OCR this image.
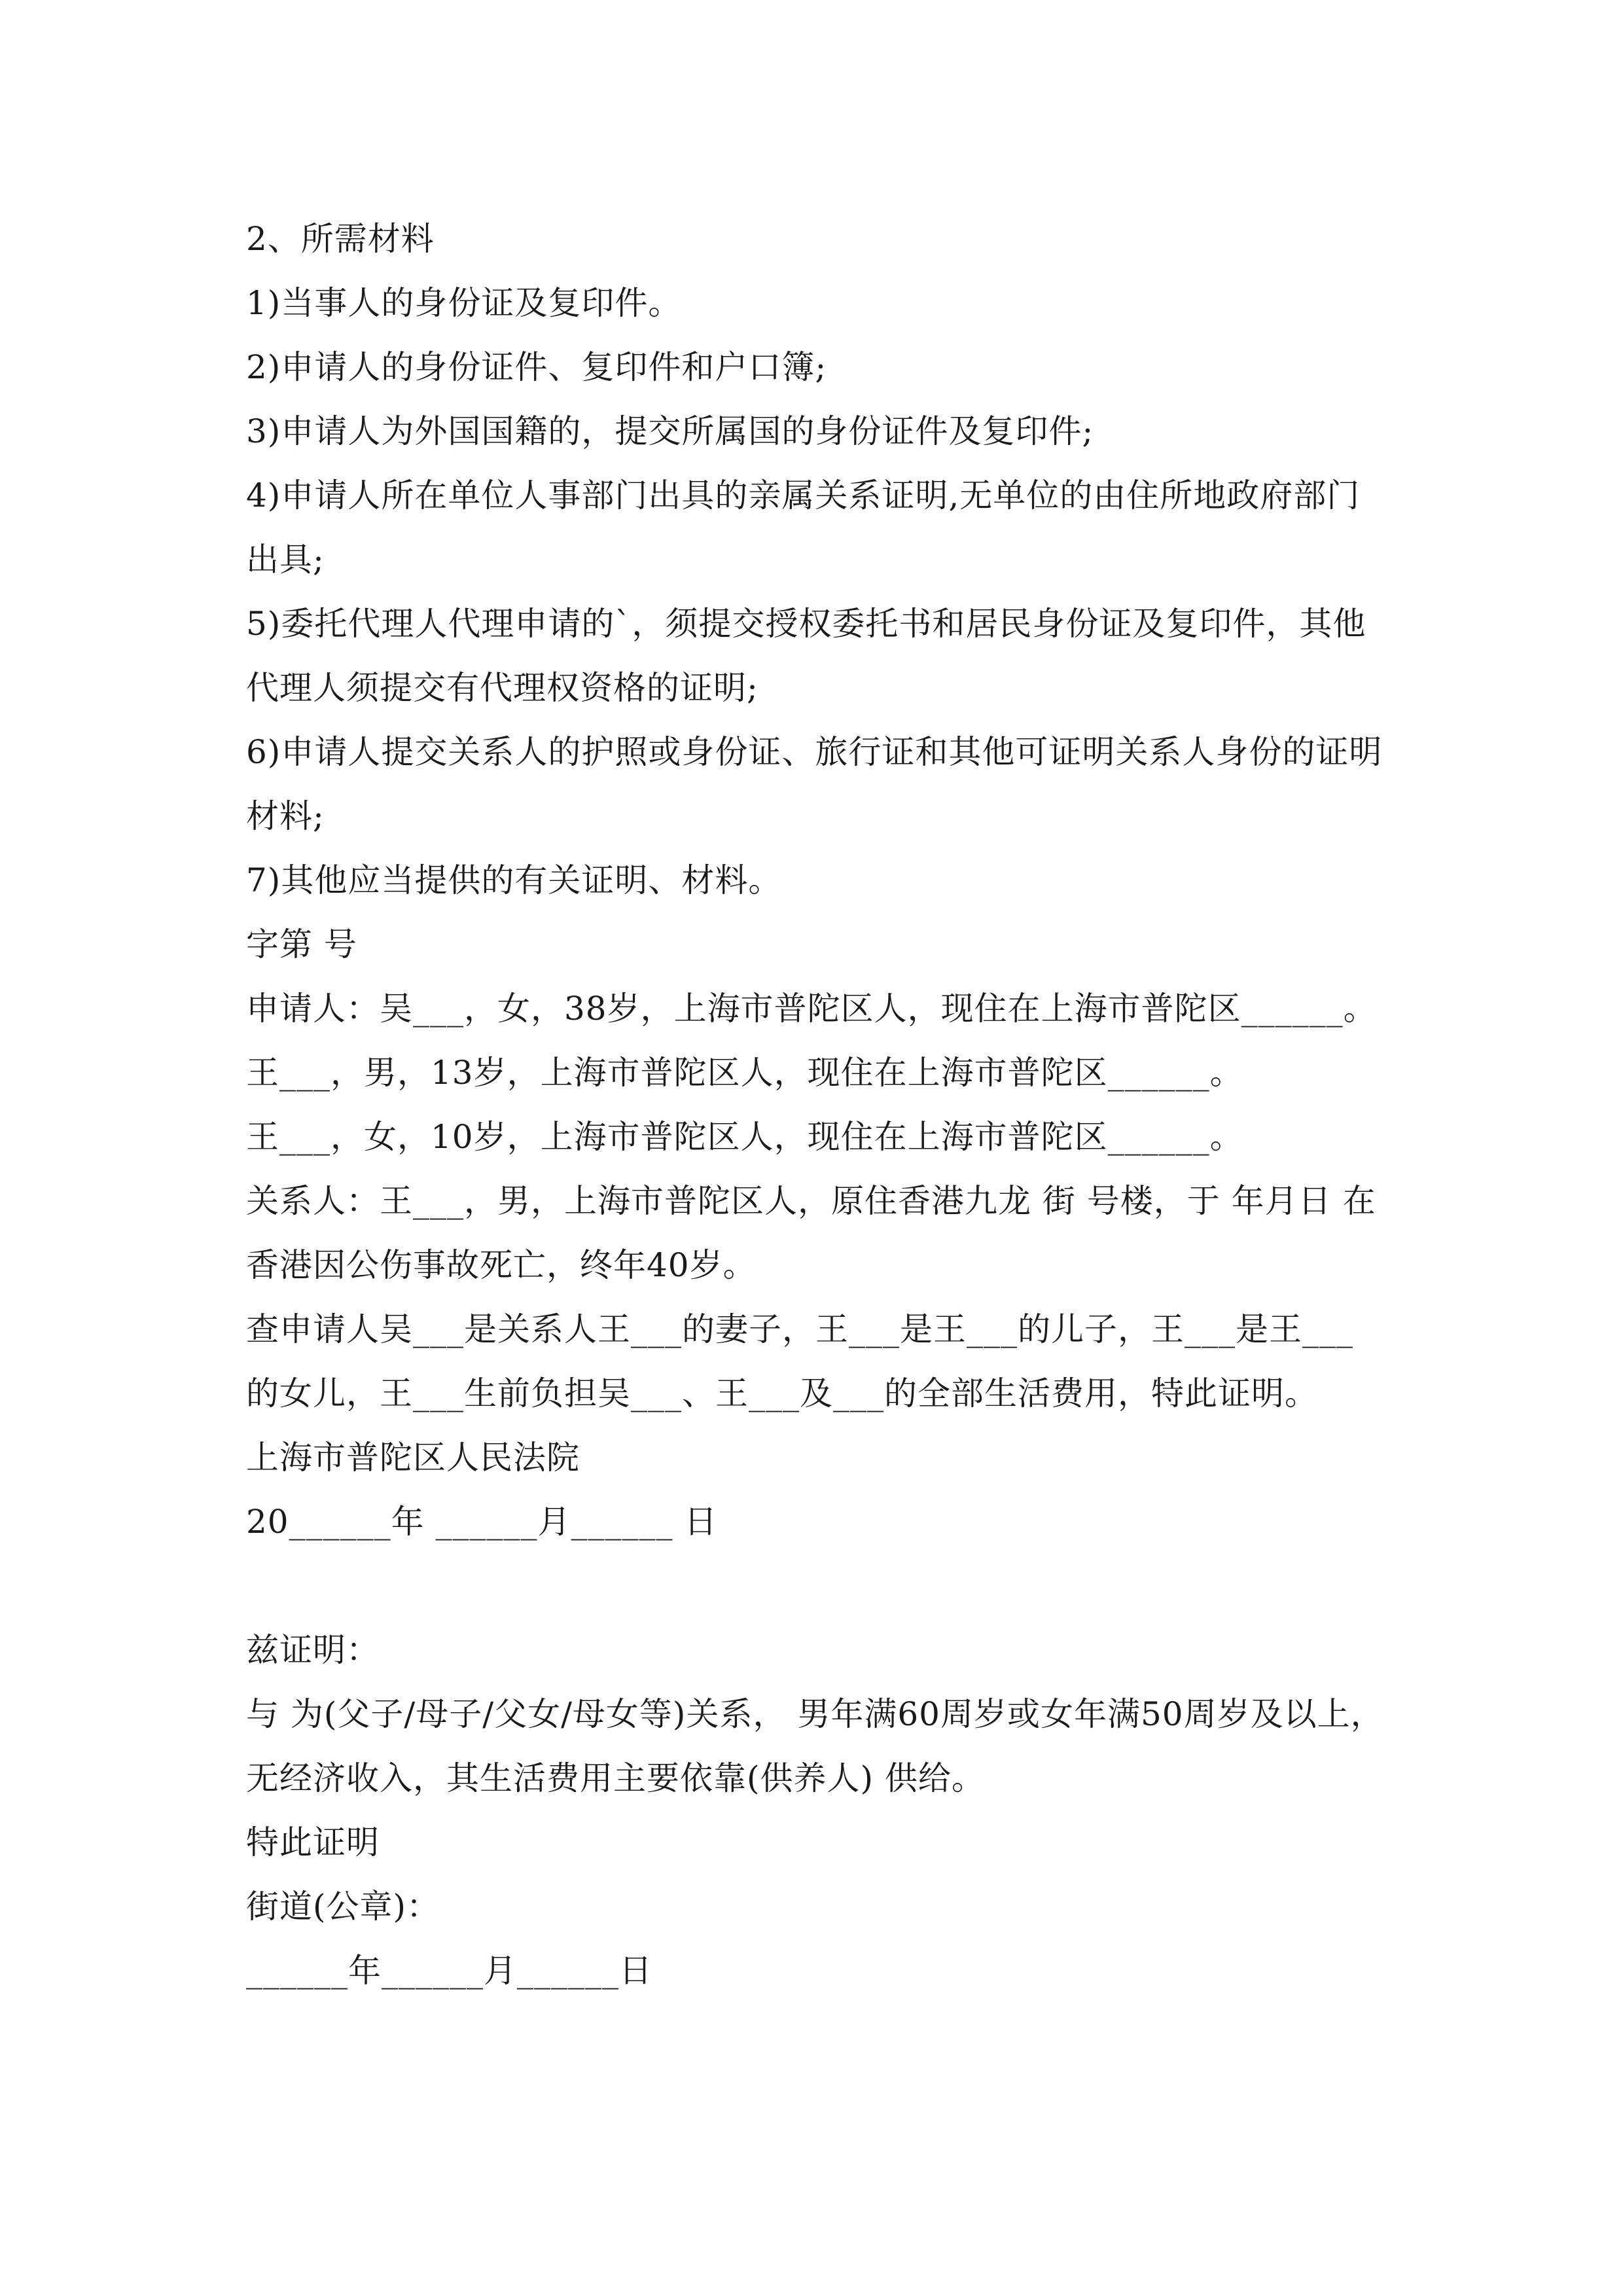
2、所需材料
1)当事人的身份证及复印件。
2)申请人的身份证件、复印件和户口簿;
3)申请人为外国国籍的，提交所属国的身份证件及复印件;
4)申请人所在单位人事部门出具的亲属关系证明,无单位的由住所地政府部门出具;
5)委托代理人代理申请的`，须提交授权委托书和居民身份证及复印件，其他代理人须提交有代理权资格的证明;
6)申请人提交关系人的护照或身份证、旅行证和其他可证明关系人身份的证明材料;
7)其他应当提供的有关证明、材料。
字第 号
申请人：吴___，女，38岁，上海市普陀区人，现住在上海市普陀区______。
王___，男，13岁，上海市普陀区人，现住在上海市普陀区______。
王___，女，10岁，上海市普陀区人，现住在上海市普陀区______。
关系人：王___，男，上海市普陀区人，原住香港九龙 街 号楼，于 年月日 在香港因公伤事故死亡，终年40岁。
查申请人吴___是关系人王___的妻子，王___是王___的儿子，王___是王___的女儿，王___生前负担吴___、王___及___的全部生活费用，特此证明。
上海市普陀区人民法院
20______年 ______月______ 日
兹证明：
与 为(父子/母子/父女/母女等)关系， 男年满60周岁或女年满50周岁及以上，无经济收入，其生活费用主要依靠(供养人) 供给。
特此证明
街道(公章)：
______年______月______日
